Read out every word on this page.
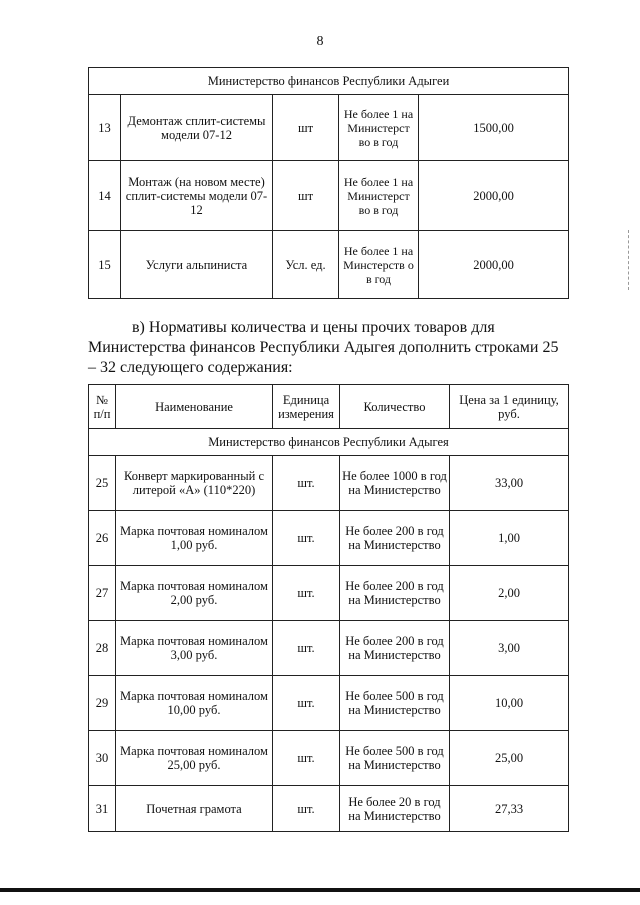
8
Министерство финансов Республики Адыгеи				
13	Демонтаж сплит-системы модели 07-12	шт	Не более 1 на Министерст во в год	1500,00
14	Монтаж (на новом месте) сплит-системы модели 07-12	шт	Не более 1 на Министерст во в год	2000,00
15	Услуги альпиниста	Усл. ед.	Не более 1 на Минстерств о в год	2000,00
в) Нормативы количества и цены прочих товаров для Министерства финансов Республики Адыгея дополнить строками 25 – 32 следующего содержания:
№ п/п	Наименование	Единица измерения	Количество	Цена за 1 единицу, руб.
Министерство финансов Республики Адыгея				
25	Конверт маркированный с литерой «А» (110*220)	шт.	Не более 1000 в год на Министерство	33,00
26	Марка почтовая номиналом 1,00 руб.	шт.	Не более 200 в год на Министерство	1,00
27	Марка почтовая номиналом 2,00 руб.	шт.	Не более 200 в год на Министерство	2,00
28	Марка почтовая номиналом 3,00 руб.	шт.	Не более 200 в год на Министерство	3,00
29	Марка почтовая номиналом 10,00 руб.	шт.	Не более 500 в год на Министерство	10,00
30	Марка почтовая номиналом 25,00 руб.	шт.	Не более 500 в год на Министерство	25,00
31	Почетная грамота	шт.	Не более 20 в год на Министерство	27,33
